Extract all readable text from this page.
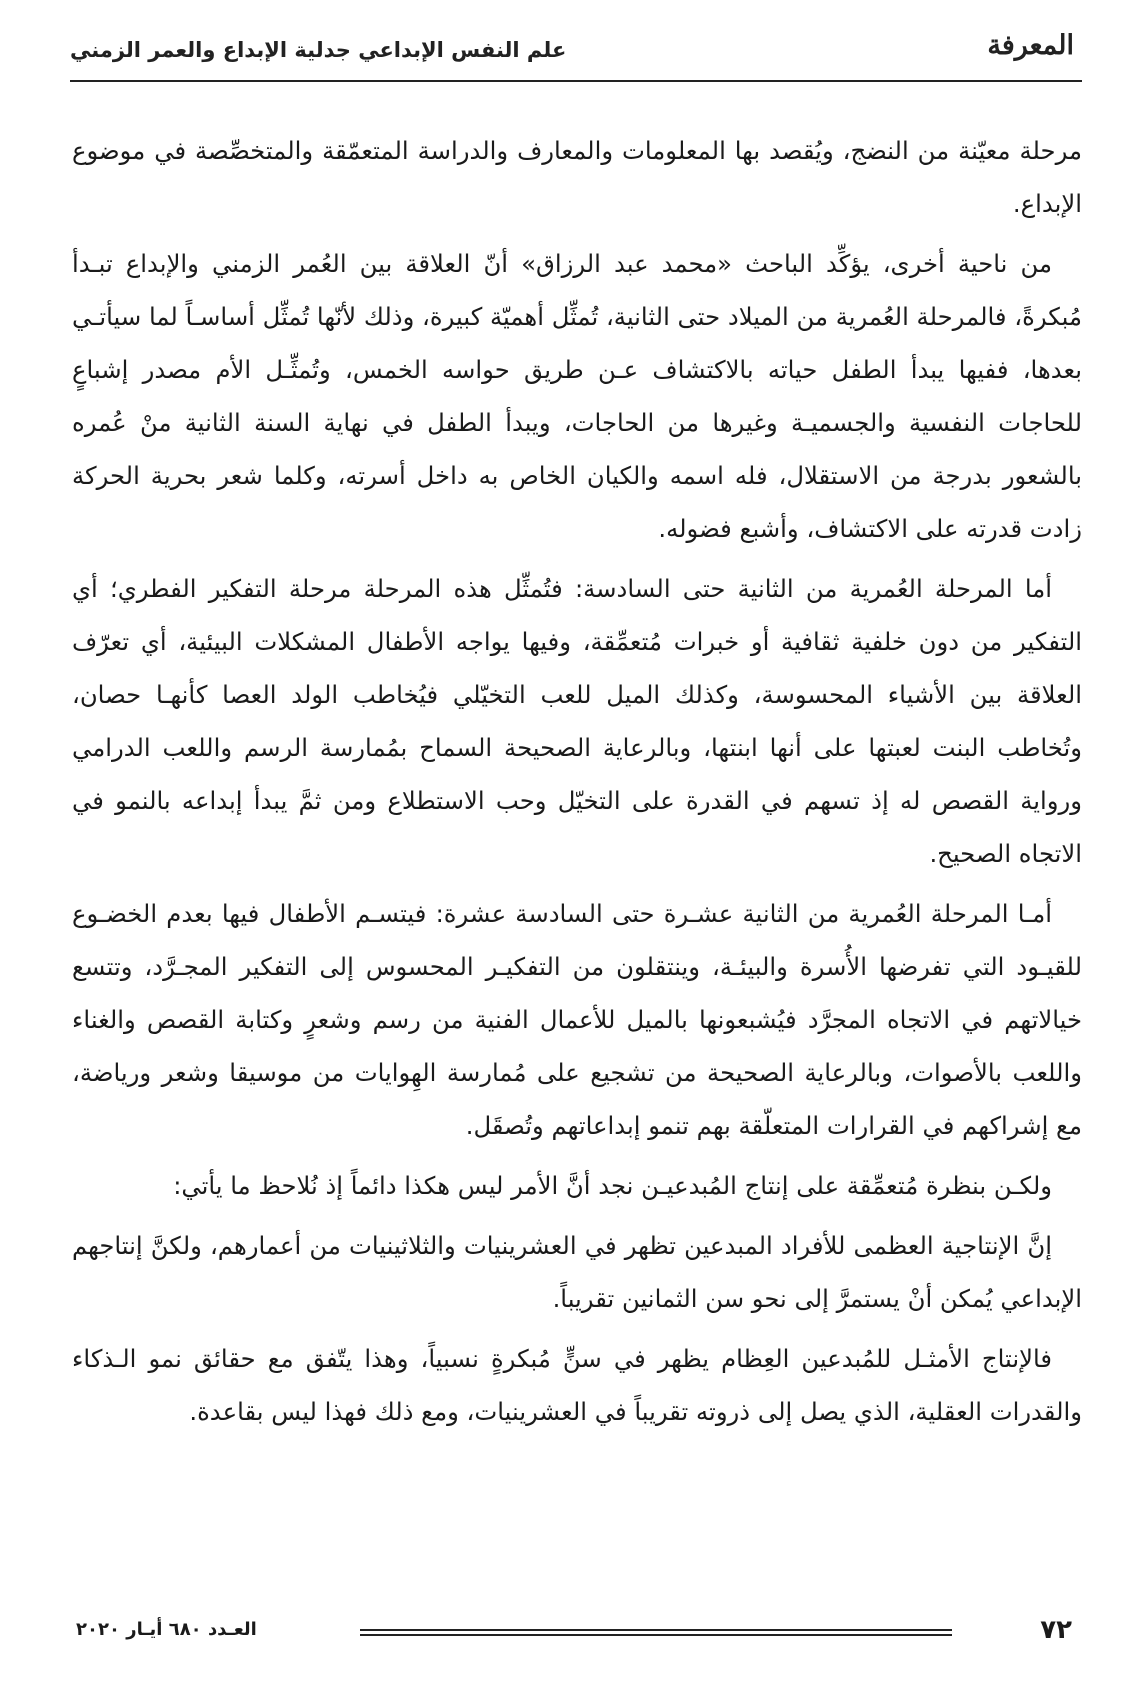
المعرفة
علم النفس الإبداعي جدلية الإبداع والعمر الزمني

مرحلة معيّنة من النضج، ويُقصد بها المعلومات والمعارف والدراسة المتعمّقة والمتخصِّصة في موضوع الإبداع.

من ناحية أخرى، يؤكِّد الباحث «محمد عبد الرزاق» أنّ العلاقة بين العُمر الزمني والإبداع تبـدأ مُبكرةً، فالمرحلة العُمرية من الميلاد حتى الثانية، تُمثِّل أهميّة كبيرة، وذلك لأنّها تُمثِّل أساسـاً لما سيأتـي بعدها، ففيها يبدأ الطفل حياته بالاكتشاف عـن طريق حواسه الخمس، وتُمثِّـل الأم مصدر إشباعٍ للحاجات النفسية والجسميـة وغيرها من الحاجات، ويبدأ الطفل في نهاية السنة الثانية منْ عُمره بالشعور بدرجة من الاستقلال، فله اسمه والكيان الخاص به داخل أسرته، وكلما شعر بحرية الحركة زادت قدرته على الاكتشاف، وأشبع فضوله.

أما المرحلة العُمرية من الثانية حتى السادسة: فتُمثِّل هذه المرحلة مرحلة التفكير الفطري؛ أي التفكير من دون خلفية ثقافية أو خبرات مُتعمِّقة، وفيها يواجه الأطفال المشكلات البيئية، أي تعرّف العلاقة بين الأشياء المحسوسة، وكذلك الميل للعب التخيّلي فيُخاطب الولد العصا كأنهـا حصان، وتُخاطب البنت لعبتها على أنها ابنتها، وبالرعاية الصحيحة السماح بمُمارسة الرسم واللعب الدرامي ورواية القصص له إذ تسهم في القدرة على التخيّل وحب الاستطلاع ومن ثمَّ يبدأ إبداعه بالنمو في الاتجاه الصحيح.

أمـا المرحلة العُمرية من الثانية عشـرة حتى السادسة عشرة: فيتسـم الأطفال فيها بعدم الخضـوع للقيـود التي تفرضها الأُسرة والبيئـة، وينتقلون من التفكيـر المحسوس إلى التفكير المجـرَّد، وتتسع خيالاتهم في الاتجاه المجرَّد فيُشبعونها بالميل للأعمال الفنية من رسم وشعرٍ وكتابة القصص والغناء واللعب بالأصوات، وبالرعاية الصحيحة من تشجيع على مُمارسة الهِوايات من موسيقا وشعر ورياضة، مع إشراكهم في القرارات المتعلّقة بهم تنمو إبداعاتهم وتُصقَل.

ولكـن بنظرة مُتعمِّقة على إنتاج المُبدعيـن نجد أنَّ الأمر ليس هكذا دائماً إذ نُلاحظ ما يأتي:

إنَّ الإنتاجية العظمى للأفراد المبدعين تظهر في العشرينيات والثلاثينيات من أعمارهم، ولكنَّ إنتاجهم الإبداعي يُمكن أنْ يستمرَّ إلى نحو سن الثمانين تقريباً.

فالإنتاج الأمثـل للمُبدعين العِظام يظهر في سنٍّ مُبكرةٍ نسبياً، وهذا يتّفق مع حقائق نمو الـذكاء والقدرات العقلية، الذي يصل إلى ذروته تقريباً في العشرينيات، ومع ذلك فهذا ليس بقاعدة.

٧٢
العـدد ٦٨٠ أيـار ٢٠٢٠
